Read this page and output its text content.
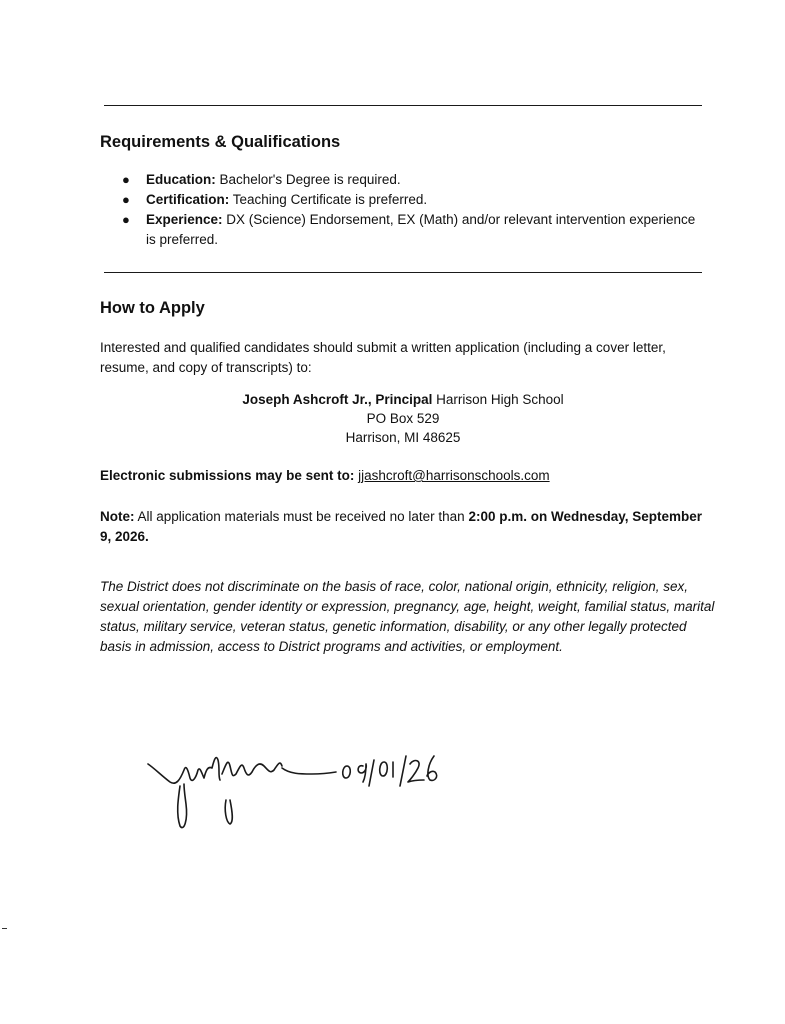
Requirements & Qualifications
● Education: Bachelor's Degree is required.
● Certification: Teaching Certificate is preferred.
● Experience: DX (Science) Endorsement, EX (Math) and/or relevant intervention experience is preferred.
How to Apply

Interested and qualified candidates should submit a written application (including a cover letter, resume, and copy of transcripts) to:

Joseph Ashcroft Jr., Principal Harrison High School
PO Box 529
Harrison, MI 48625

Electronic submissions may be sent to: jjashcroft@harrisonschools.com

Note: All application materials must be received no later than 2:00 p.m. on Wednesday, September 9, 2026.

The District does not discriminate on the basis of race, color, national origin, ethnicity, religion, sex, sexual orientation, gender identity or expression, pregnancy, age, height, weight, familial status, marital status, military service, veteran status, genetic information, disability, or any other legally protected basis in admission, access to District programs and activities, or employment.
